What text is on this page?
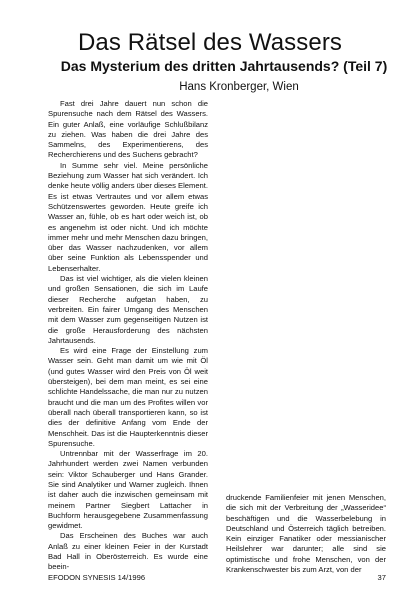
Das Rätsel des Wassers
Das Mysterium des dritten Jahrtausends? (Teil 7)

Hans Kronberger, Wien

Fast drei Jahre dauert nun schon die Spurensuche nach dem Rätsel des Wassers. Ein guter Anlaß, eine vorläufige Schlußbilanz zu ziehen. Was haben die drei Jahre des Sammelns, des Experimentierens, des Recherchierens und des Suchens gebracht?

In Summe sehr viel. Meine persönliche Beziehung zum Wasser hat sich verändert. Ich denke heute völlig anders über dieses Element. Es ist etwas Vertrautes und vor allem etwas Schützenswertes geworden. Heute greife ich Wasser an, fühle, ob es hart oder weich ist, ob es angenehm ist oder nicht. Und ich möchte immer mehr und mehr Menschen dazu bringen, über das Wasser nachzudenken, vor allem über seine Funktion als Lebensspender und Lebenserhalter.

Das ist viel wichtiger, als die vielen kleinen und großen Sensationen, die sich im Laufe dieser Recherche aufgetan haben, zu verbreiten. Ein fairer Umgang des Menschen mit dem Wasser zum gegenseitigen Nutzen ist die große Herausforderung des nächsten Jahrtausends.

Es wird eine Frage der Einstellung zum Wasser sein. Geht man damit um wie mit Öl (und gutes Wasser wird den Preis von Öl weit übersteigen), bei dem man meint, es sei eine schlichte Handelssache, die man nur zu nutzen braucht und die man um des Profites willen vor überall nach überall transportieren kann, so ist dies der definitive Anfang vom Ende der Menschheit. Das ist die Haupterkenntnis dieser Spurensuche.

Untrennbar mit der Wasserfrage im 20. Jahrhundert werden zwei Namen verbunden sein: Viktor Schauberger und Hans Grander. Sie sind Analytiker und Warner zugleich. Ihnen ist daher auch die inzwischen gemeinsam mit meinem Partner Siegbert Lattacher in Buchform herausgegebene Zusammenfassung gewidmet.

Das Erscheinen des Buches war auch Anlaß zu einer kleinen Feier in der Kurstadt Bad Hall in Oberösterreich. Es wurde eine beein-

druckende Familienfeier mit jenen Menschen, die sich mit der Verbreitung der „Wasseridee“ beschäftigen und die Wasserbelebung in Deutschland und Österreich täglich betreiben. Kein einziger Fanatiker oder messianischer Heilslehrer war darunter; alle sind sie optimistische und frohe Menschen, von der Krankenschwester bis zum Arzt, von der

EFODON SYNESIS 14/1996	37
